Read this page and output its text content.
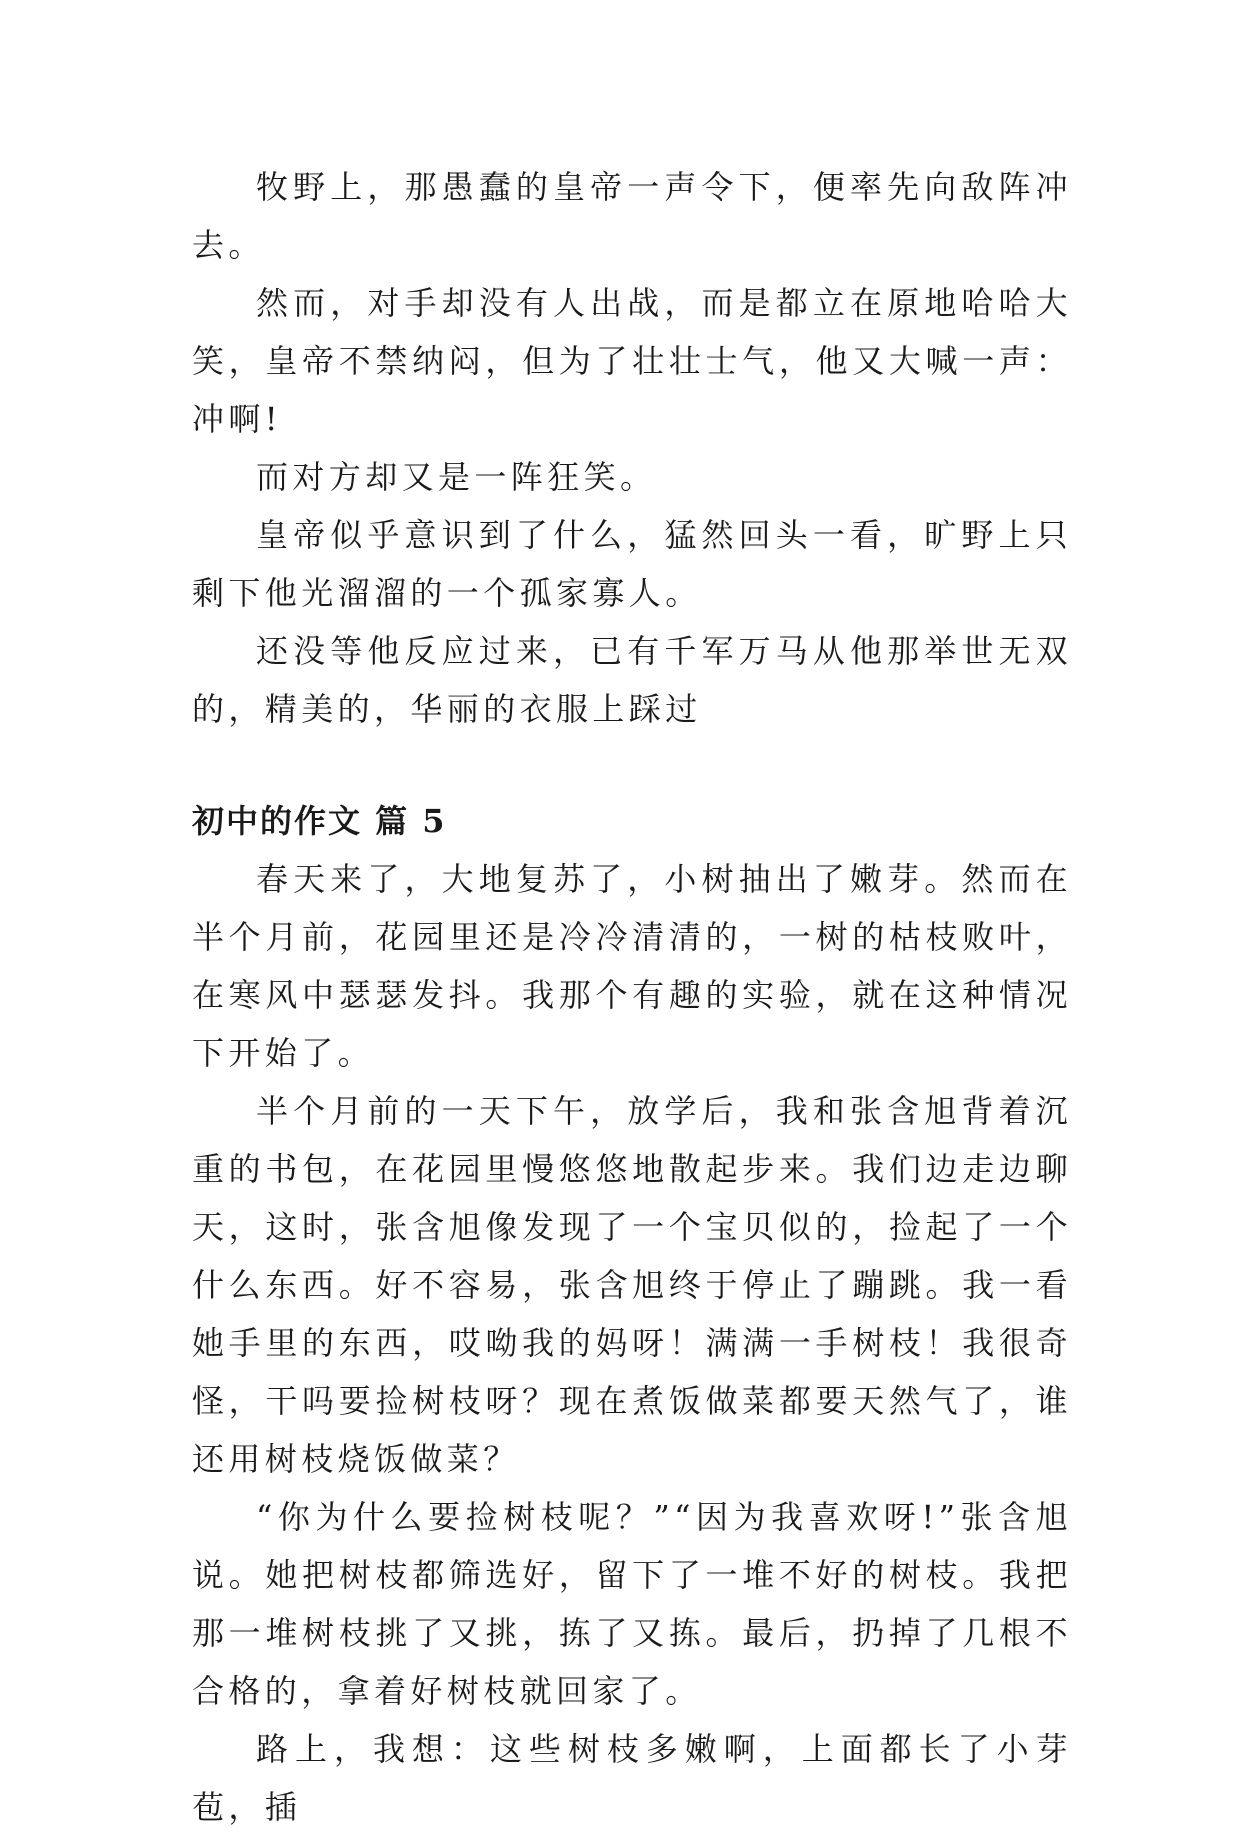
牧野上，那愚蠢的皇帝一声令下，便率先向敌阵冲去。

然而，对手却没有人出战，而是都立在原地哈哈大笑，皇帝不禁纳闷，但为了壮壮士气，他又大喊一声：冲啊!

而对方却又是一阵狂笑。

皇帝似乎意识到了什么，猛然回头一看，旷野上只剩下他光溜溜的一个孤家寡人。

还没等他反应过来，已有千军万马从他那举世无双的，精美的，华丽的衣服上踩过

初中的作文 篇 5

春天来了，大地复苏了，小树抽出了嫩芽。然而在半个月前，花园里还是冷冷清清的，一树的枯枝败叶，在寒风中瑟瑟发抖。我那个有趣的实验，就在这种情况下开始了。

半个月前的一天下午，放学后，我和张含旭背着沉重的书包，在花园里慢悠悠地散起步来。我们边走边聊天，这时，张含旭像发现了一个宝贝似的，捡起了一个什么东西。好不容易，张含旭终于停止了蹦跳。我一看她手里的东西，哎呦我的妈呀！满满一手树枝！我很奇怪，干吗要捡树枝呀？现在煮饭做菜都要天然气了，谁还用树枝烧饭做菜？

“你为什么要捡树枝呢？”“因为我喜欢呀!”张含旭说。她把树枝都筛选好，留下了一堆不好的树枝。我把那一堆树枝挑了又挑，拣了又拣。最后，扔掉了几根不合格的，拿着好树枝就回家了。

路上，我想：这些树枝多嫩啊，上面都长了小芽苞，插
